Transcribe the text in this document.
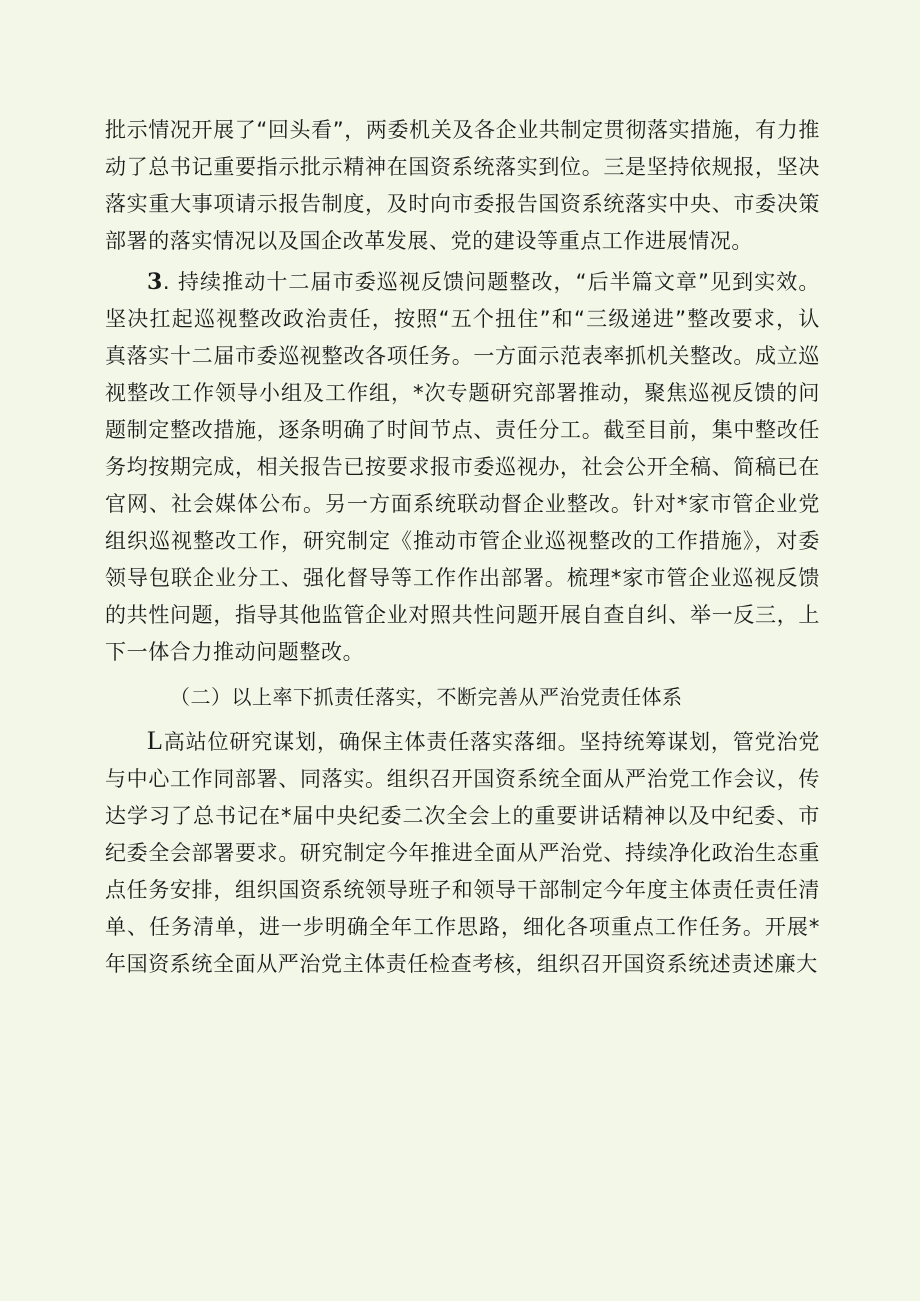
批示情况开展了“回头看”，两委机关及各企业共制定贯彻落实措施，有力推动了总书记重要指示批示精神在国资系统落实到位。三是坚持依规报，坚决落实重大事项请示报告制度，及时向市委报告国资系统落实中央、市委决策部署的落实情况以及国企改革发展、党的建设等重点工作进展情况。

3. 持续推动十二届市委巡视反馈问题整改，“后半篇文章”见到实效。坚决扛起巡视整改政治责任，按照“五个扭住”和“三级递进”整改要求，认真落实十二届市委巡视整改各项任务。一方面示范表率抓机关整改。成立巡视整改工作领导小组及工作组，*次专题研究部署推动，聚焦巡视反馈的问题制定整改措施，逐条明确了时间节点、责任分工。截至目前，集中整改任务均按期完成，相关报告已按要求报市委巡视办，社会公开全稿、简稿已在官网、社会媒体公布。另一方面系统联动督企业整改。针对*家市管企业党组织巡视整改工作，研究制定《推动市管企业巡视整改的工作措施》，对委领导包联企业分工、强化督导等工作作出部署。梳理*家市管企业巡视反馈的共性问题，指导其他监管企业对照共性问题开展自查自纠、举一反三，上下一体合力推动问题整改。

（二）以上率下抓责任落实，不断完善从严治党责任体系

L高站位研究谋划，确保主体责任落实落细。坚持统筹谋划，管党治党与中心工作同部署、同落实。组织召开国资系统全面从严治党工作会议，传达学习了总书记在*届中央纪委二次全会上的重要讲话精神以及中纪委、市纪委全会部署要求。研究制定今年推进全面从严治党、持续净化政治生态重点任务安排，组织国资系统领导班子和领导干部制定今年度主体责任责任清单、任务清单，进一步明确全年工作思路，细化各项重点工作任务。开展*年国资系统全面从严治党主体责任检查考核，组织召开国资系统述责述廉大
